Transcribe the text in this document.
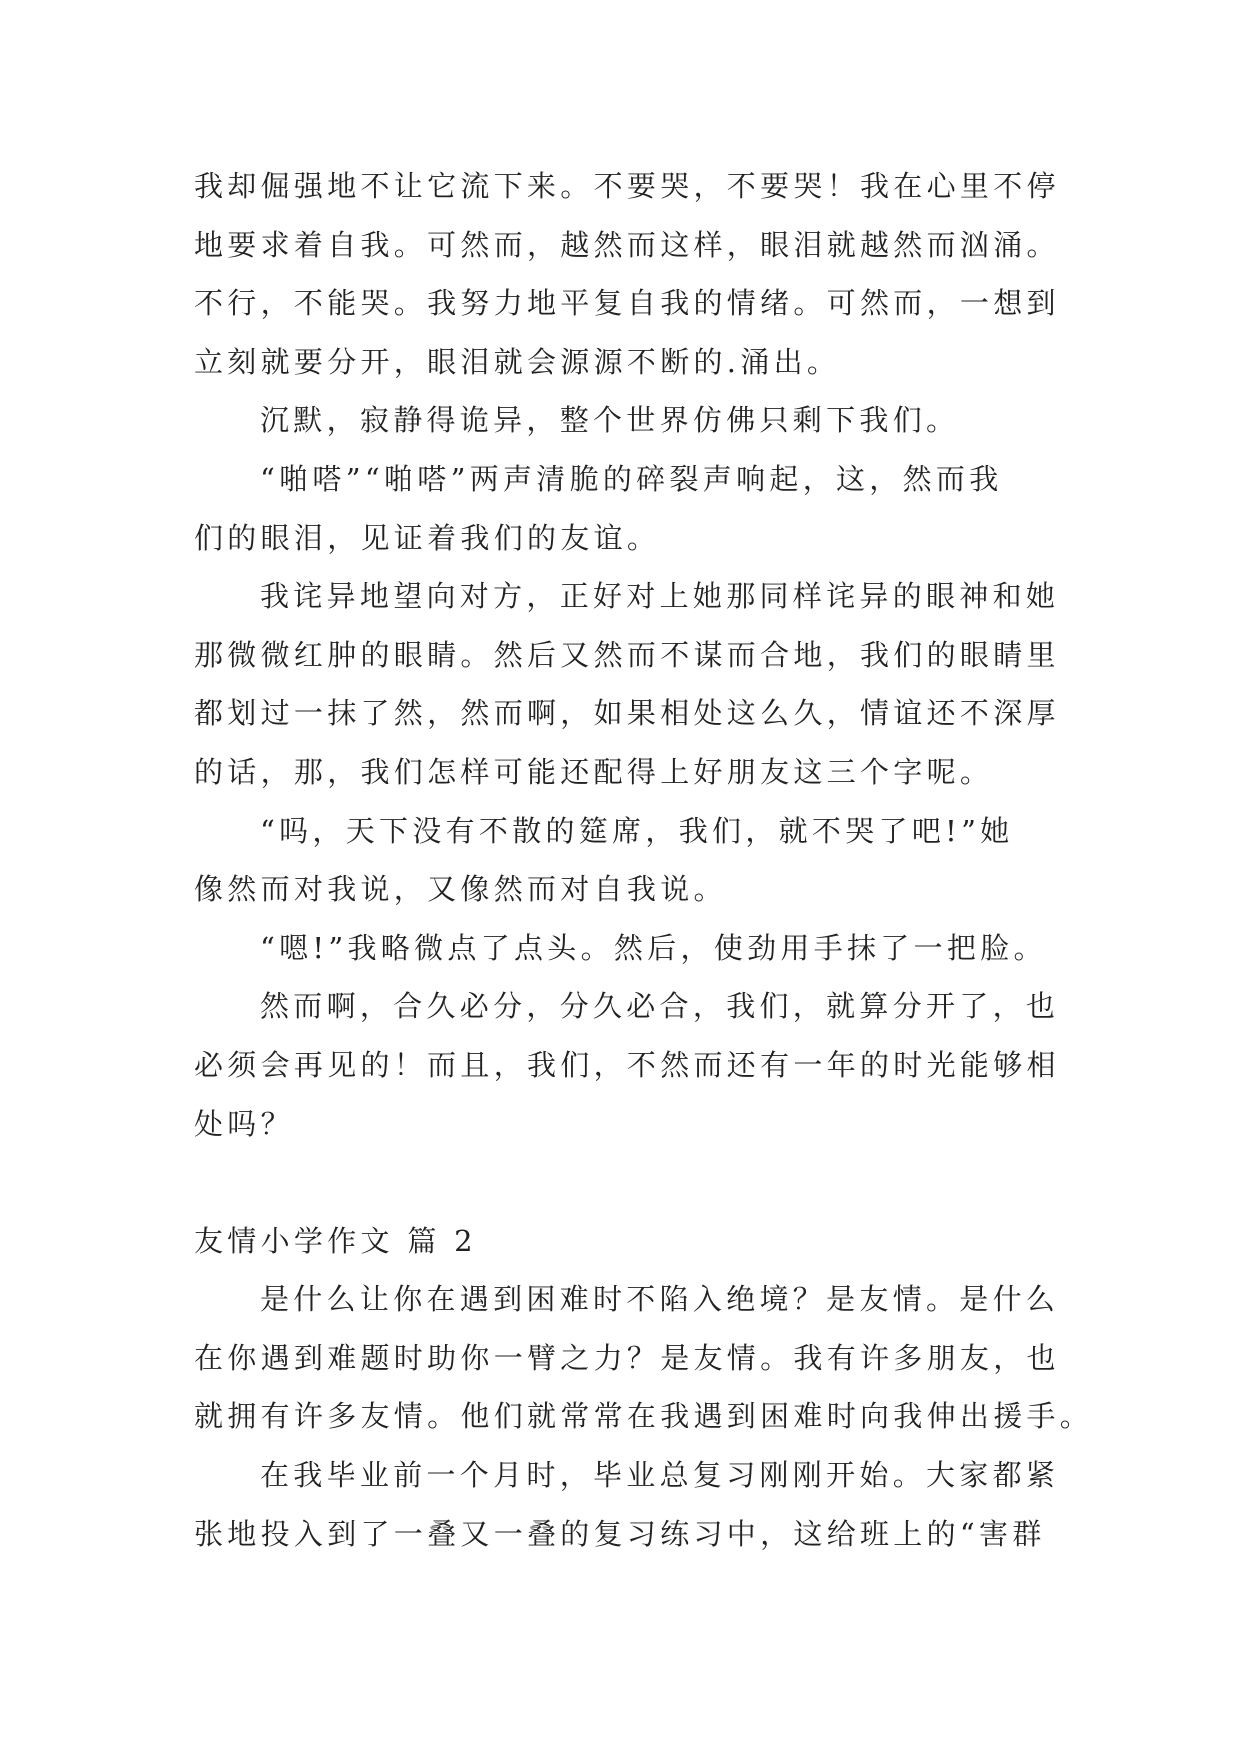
我却倔强地不让它流下来。不要哭，不要哭！我在心里不停
地要求着自我。可然而，越然而这样，眼泪就越然而汹涌。
不行，不能哭。我努力地平复自我的情绪。可然而，一想到
立刻就要分开，眼泪就会源源不断的.涌出。
沉默，寂静得诡异，整个世界仿佛只剩下我们。
“啪嗒”“啪嗒”两声清脆的碎裂声响起，这，然而我
们的眼泪，见证着我们的友谊。
我诧异地望向对方，正好对上她那同样诧异的眼神和她
那微微红肿的眼睛。然后又然而不谋而合地，我们的眼睛里
都划过一抹了然，然而啊，如果相处这么久，情谊还不深厚
的话，那，我们怎样可能还配得上好朋友这三个字呢。
“吗，天下没有不散的筵席，我们，就不哭了吧!”她
像然而对我说，又像然而对自我说。
“嗯!”我略微点了点头。然后，使劲用手抹了一把脸。
然而啊，合久必分，分久必合，我们，就算分开了，也
必须会再见的！而且，我们，不然而还有一年的时光能够相
处吗？
友情小学作文 篇 2
是什么让你在遇到困难时不陷入绝境？是友情。是什么
在你遇到难题时助你一臂之力？是友情。我有许多朋友，也
就拥有许多友情。他们就常常在我遇到困难时向我伸出援手。
在我毕业前一个月时，毕业总复习刚刚开始。大家都紧
张地投入到了一叠又一叠的复习练习中，这给班上的“害群
